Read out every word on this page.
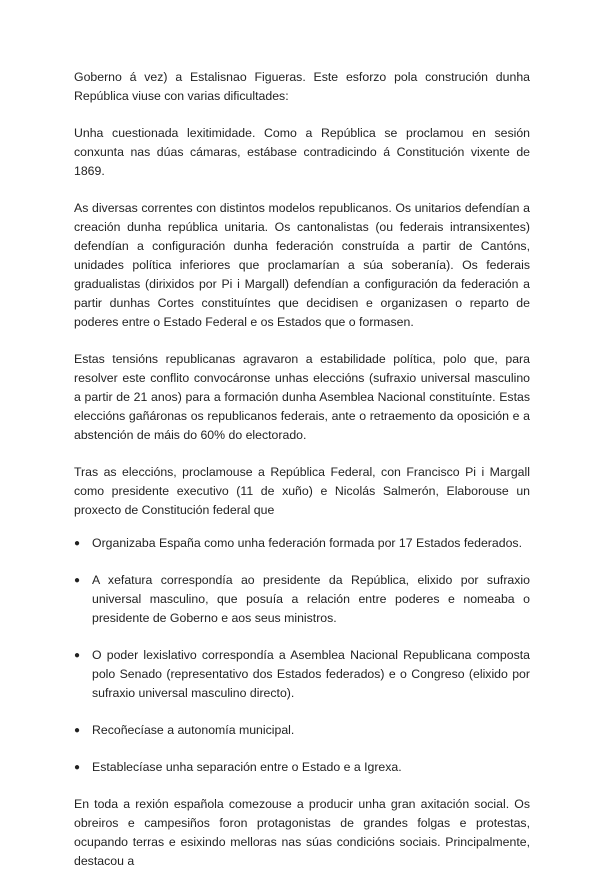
Goberno á vez) a Estalisnao Figueras. Este esforzo pola construción dunha República viuse con varias dificultades:

Unha cuestionada lexitimidade. Como a República se proclamou en sesión conxunta nas dúas cámaras, estábase contradicindo á Constitución vixente de 1869.

As diversas correntes con distintos modelos republicanos. Os unitarios defendían a creación dunha república unitaria. Os cantonalistas (ou federais intransixentes) defendían a configuración dunha federación construída a partir de Cantóns, unidades política inferiores que proclamarían a súa soberanía). Os federais gradualistas (dirixidos por Pi i Margall) defendían a configuración da federación a partir dunhas Cortes constituíntes que decidisen e organizasen o reparto de poderes entre o Estado Federal e os Estados que o formasen.

Estas tensións republicanas agravaron a estabilidade política, polo que, para resolver este conflito convocáronse unhas eleccións (sufraxio universal masculino a partir de 21 anos) para a formación dunha Asemblea Nacional constituínte. Estas eleccións gañáronas os republicanos federais, ante o retraemento da oposición e a abstención de máis do 60% do electorado.

Tras as eleccións, proclamouse a República Federal, con Francisco Pi i Margall como presidente executivo (11 de xuño) e Nicolás Salmerón, Elaborouse un proxecto de Constitución federal que

● Organizaba España como unha federación formada por 17 Estados federados.
● A xefatura correspondía ao presidente da República, elixido por sufraxio universal masculino, que posuía a relación entre poderes e nomeaba o presidente de Goberno e aos seus ministros.
● O poder lexislativo correspondía a Asemblea Nacional Republicana composta polo Senado (representativo dos Estados federados) e o Congreso (elixido por sufraxio universal masculino directo).
● Recoñecíase a autonomía municipal.
● Establecíase unha separación entre o Estado e a Igrexa.

En toda a rexión española comezouse a producir unha gran axitación social. Os obreiros e campesiños foron protagonistas de grandes folgas e protestas, ocupando terras e esixindo melloras nas súas condicións sociais. Principalmente, destacou a
